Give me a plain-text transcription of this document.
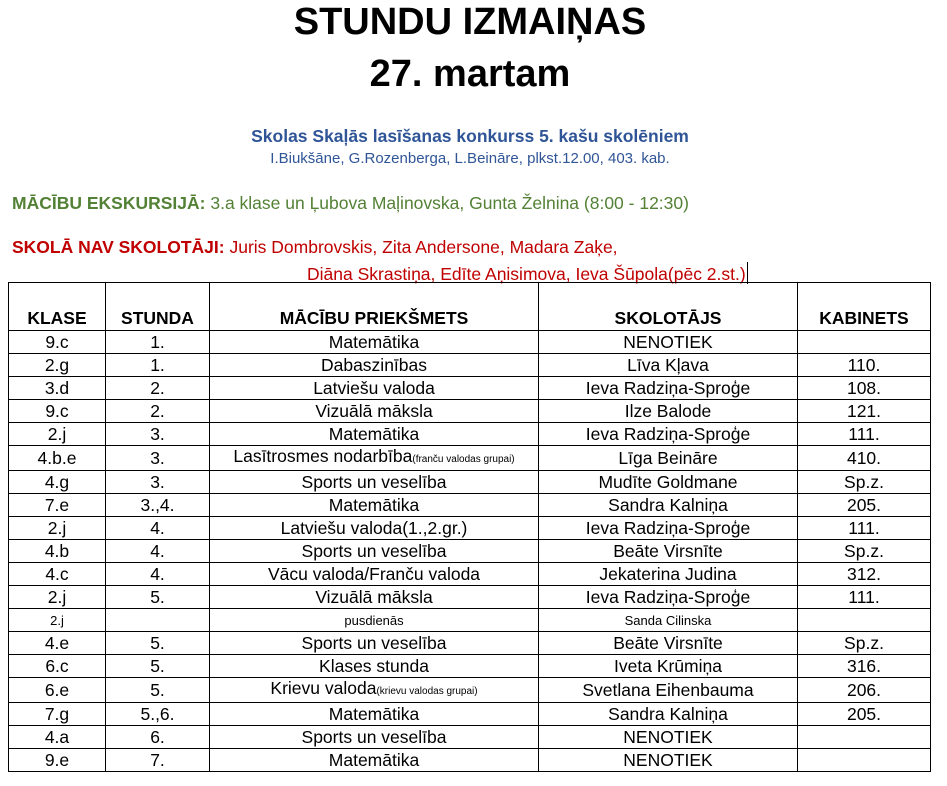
STUNDU IZMAIŅAS
27. martam
Skolas Skaļās lasīšanas konkurss 5. kašu skolēniem
I.Biukšāne, G.Rozenberga, L.Beināre, plkst.12.00, 403. kab.
MĀCĪBU EKSKURSIJĀ: 3.a klase un Ļubova Maļinovska, Gunta Želnina (8:00 - 12:30)
SKOLĀ NAV SKOLOTĀJI: Juris Dombrovskis, Zita Andersone, Madara Zaķe,
Diāna Skrastiņa, Edīte Aņisimova, Ieva Šūpola(pēc 2.st.)
KLASE	STUNDA	MĀCĪBU PRIEKŠMETS	SKOLOTĀJS	KABINETS
9.c	1.	Matemātika	NENOTIEK	
2.g	1.	Dabaszinības	Līva Kļava	110.
3.d	2.	Latviešu valoda	Ieva Radziņa-Sproģe	108.
9.c	2.	Vizuālā māksla	Ilze Balode	121.
2.j	3.	Matemātika	Ieva Radziņa-Sproģe	111.
4.b.e	3.	Lasītrosmes nodarbība(franču valodas grupai)	Līga Beināre	410.
4.g	3.	Sports un veselība	Mudīte Goldmane	Sp.z.
7.e	3.,4.	Matemātika	Sandra Kalniņa	205.
2.j	4.	Latviešu valoda(1.,2.gr.)	Ieva Radziņa-Sproģe	111.
4.b	4.	Sports un veselība	Beāte Virsnīte	Sp.z.
4.c	4.	Vācu valoda/Franču valoda	Jekaterina Judina	312.
2.j	5.	Vizuālā māksla	Ieva Radziņa-Sproģe	111.
2.j		pusdienās	Sanda Cilinska	
4.e	5.	Sports un veselība	Beāte Virsnīte	Sp.z.
6.c	5.	Klases stunda	Iveta Krūmiņa	316.
6.e	5.	Krievu valoda(krievu valodas grupai)	Svetlana Eihenbauma	206.
7.g	5.,6.	Matemātika	Sandra Kalniņa	205.
4.a	6.	Sports un veselība	NENOTIEK	
9.e	7.	Matemātika	NENOTIEK	
